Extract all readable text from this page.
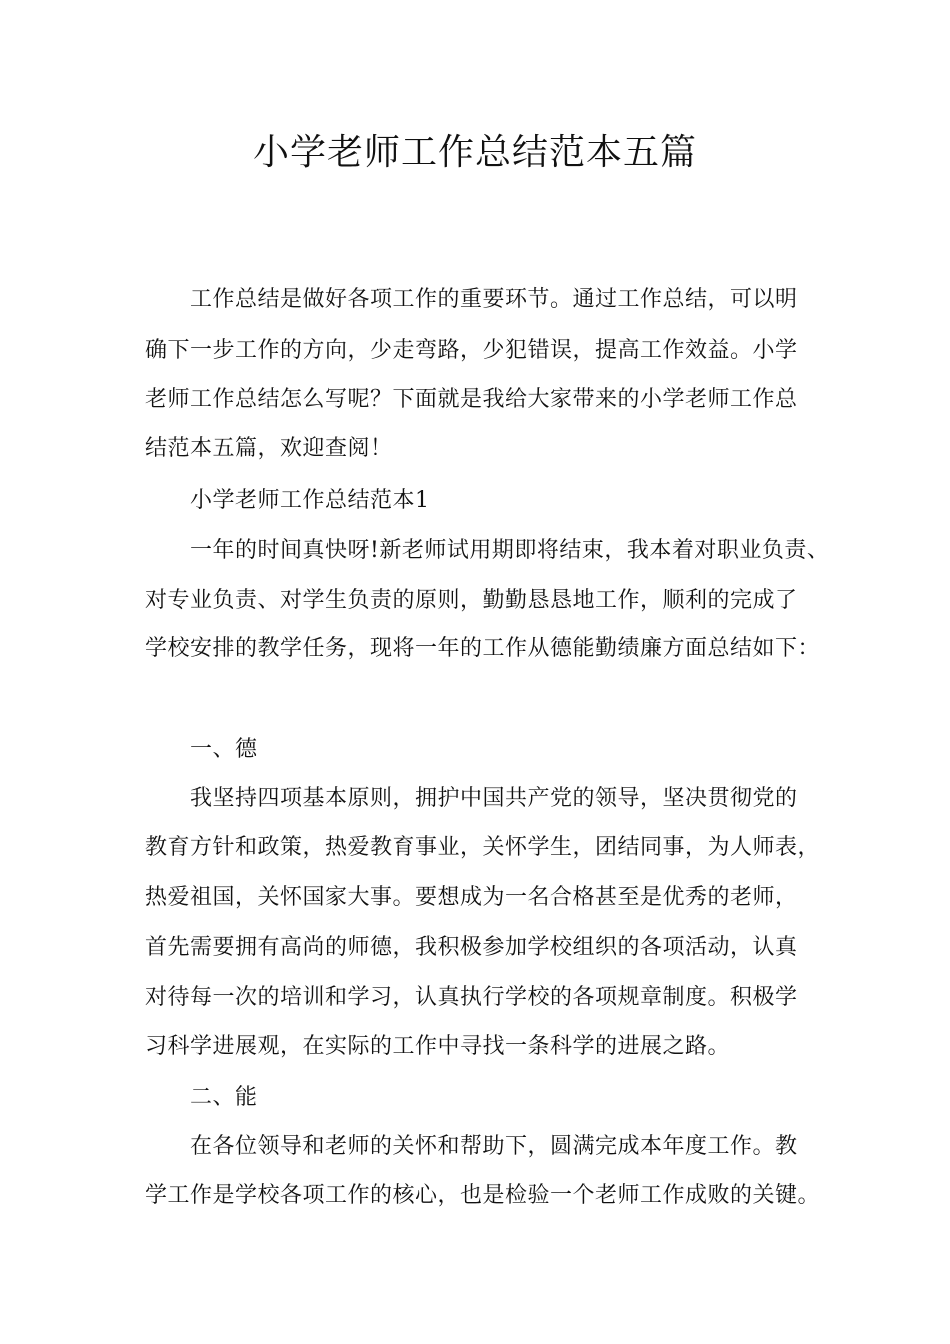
小学老师工作总结范本五篇
工作总结是做好各项工作的重要环节。通过工作总结，可以明
确下一步工作的方向，少走弯路，少犯错误，提高工作效益。小学
老师工作总结怎么写呢？下面就是我给大家带来的小学老师工作总
结范本五篇，欢迎查阅！
小学老师工作总结范本1
一年的时间真快呀!新老师试用期即将结束，我本着对职业负责、
对专业负责、对学生负责的原则，勤勤恳恳地工作，顺利的完成了
学校安排的教学任务，现将一年的工作从德能勤绩廉方面总结如下：
一、德
我坚持四项基本原则，拥护中国共产党的领导，坚决贯彻党的
教育方针和政策，热爱教育事业，关怀学生，团结同事，为人师表，
热爱祖国，关怀国家大事。要想成为一名合格甚至是优秀的老师，
首先需要拥有高尚的师德，我积极参加学校组织的各项活动，认真
对待每一次的培训和学习，认真执行学校的各项规章制度。积极学
习科学进展观，在实际的工作中寻找一条科学的进展之路。
二、能
在各位领导和老师的关怀和帮助下，圆满完成本年度工作。教
学工作是学校各项工作的核心，也是检验一个老师工作成败的关键。
